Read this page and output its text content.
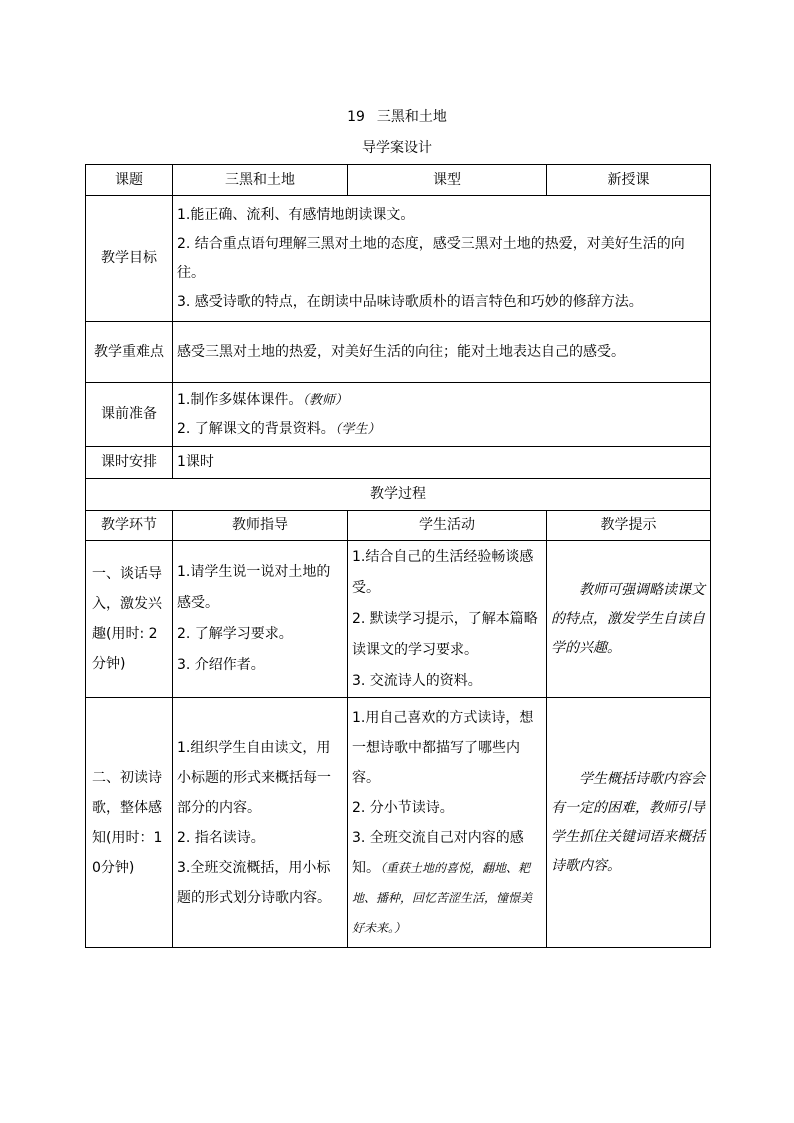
19 三黑和土地
导学案设计
课题	三黑和土地	课型	新授课
教学目标	1.能正确、流利、有感情地朗读课文。
2. 结合重点语句理解三黑对土地的态度，感受三黑对土地的热爱，对美好生活的向往。
3. 感受诗歌的特点，在朗读中品味诗歌质朴的语言特色和巧妙的修辞方法。		

教学重难点	感受三黑对土地的热爱，对美好生活的向往；能对土地表达自己的感受。		
课前准备	1.制作多媒体课件。（教师）
2. 了解课文的背景资料。（学生）		

课时安排	1课时		
教学过程			
教学环节	教师指导	学生活动	教学提示
一、谈话导入，激发兴趣(用时: 2分钟)	1.请学生说一说对土地的感受。
2. 了解学习要求。
3. 介绍作者。	1.结合自己的生活经验畅谈感受。
2. 默读学习提示，了解本篇略读课文的学习要求。
3. 交流诗人的资料。	教师可强调略读课文的特点，激发学生自读自学的兴趣。
二、初读诗歌，整体感知(用时：10分钟)	1.组织学生自由读文，用小标题的形式来概括每一部分的内容。
2. 指名读诗。
3.全班交流概括，用小标题的形式划分诗歌内容。	1.用自己喜欢的方式读诗，想一想诗歌中都描写了哪些内容。
2. 分小节读诗。
3. 全班交流自己对内容的感知。（重获土地的喜悦，翻地、耙地、播种，回忆苦涩生活，憧憬美好未来。）	学生概括诗歌内容会有一定的困难，教师引导学生抓住关键词语来概括诗歌内容。
